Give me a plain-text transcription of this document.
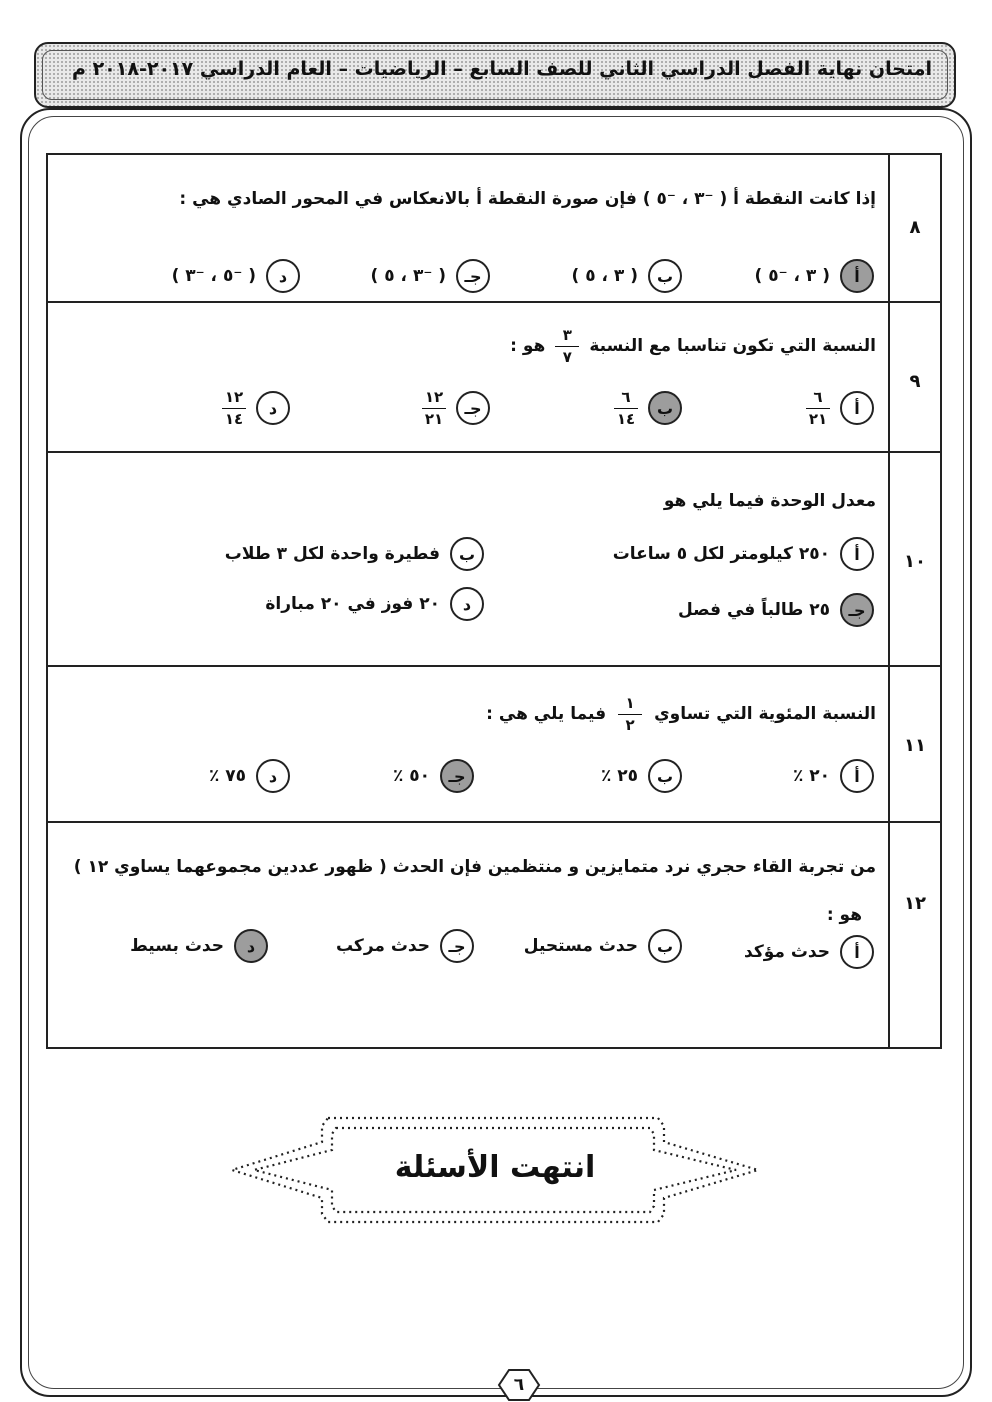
امتحان نهاية الفصل الدراسي الثاني للصف السابع – الرياضيات – العام الدراسي ٢٠١٧-٢٠١٨ م
٨
إذا كانت النقطة أ ( ⁻٣ ، ⁻٥ ) فإن صورة النقطة أ بالانعكاس في المحور الصادي هي :
أ
( ٣ ، ⁻٥ )
ب
( ٣ ، ٥ )
جـ
( ⁻٣ ، ٥ )
د
( ⁻٥ ، ⁻٣ )
٩
النسبة التي تكون تناسبا مع النسبة
$\frac{٣}{٧}$
هو :
أ
$\frac{٦}{٢١}$
ب
$\frac{٦}{١٤}$
جـ
$\frac{١٢}{٢١}$
د
$\frac{١٢}{١٤}$
١٠
معدل الوحدة فيما يلي هو
أ
٢٥٠ كيلومتر لكل ٥ ساعات
ب
فطيرة واحدة لكل ٣ طلاب
جـ
٢٥ طالباً في فصل
د
٢٠ فوز في ٢٠ مباراة
١١
النسبة المئوية التي تساوي
$\frac{١}{٢}$
فيما يلي هي :
أ
٢٠ ٪
ب
٢٥ ٪
جـ
٥٠ ٪
د
٧٥ ٪
١٢
من تجربة القاء حجري نرد متمايزين و منتظمين فإن الحدث ( ظهور عددين مجموعهما يساوي ١٢ )
هو :
أ
حدث مؤكد
ب
حدث مستحيل
جـ
حدث مركب
د
حدث بسيط
انتهت الأسئلة
٦
